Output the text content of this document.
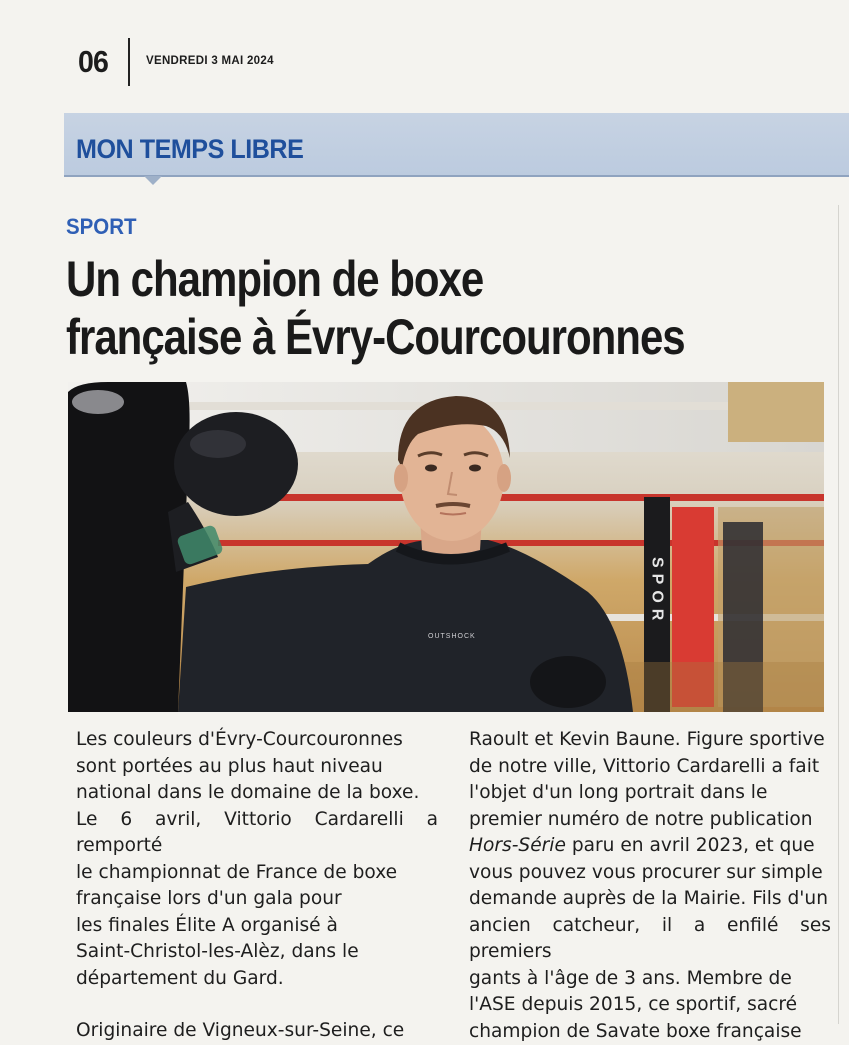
06	VENDREDI 3 MAI 2024
MON TEMPS LIBRE
SPORT
Un champion de boxe
française à Évry-Courcouronnes
SPOR
OUTSHOCK

Les couleurs d'Évry-Courcouronnes

sont portées au plus haut niveau

national dans le domaine de la boxe.

Le 6 avril, Vittorio Cardarelli a remporté

le championnat de France de boxe

française lors d'un gala pour

les finales Élite A organisé à

Saint-Christol-les-Alèz, dans le

département du Gard.

Originaire de Vigneux-sur-Seine, ce

Raoult et Kevin Baune. Figure sportive

de notre ville, Vittorio Cardarelli a fait

l'objet d'un long portrait dans le

premier numéro de notre publication

Hors-Série paru en avril 2023, et que

vous pouvez vous procurer sur simple

demande auprès de la Mairie. Fils d'un

ancien catcheur, il a enfilé ses premiers

gants à l'âge de 3 ans. Membre de

l'ASE depuis 2015, ce sportif, sacré

champion de Savate boxe française
